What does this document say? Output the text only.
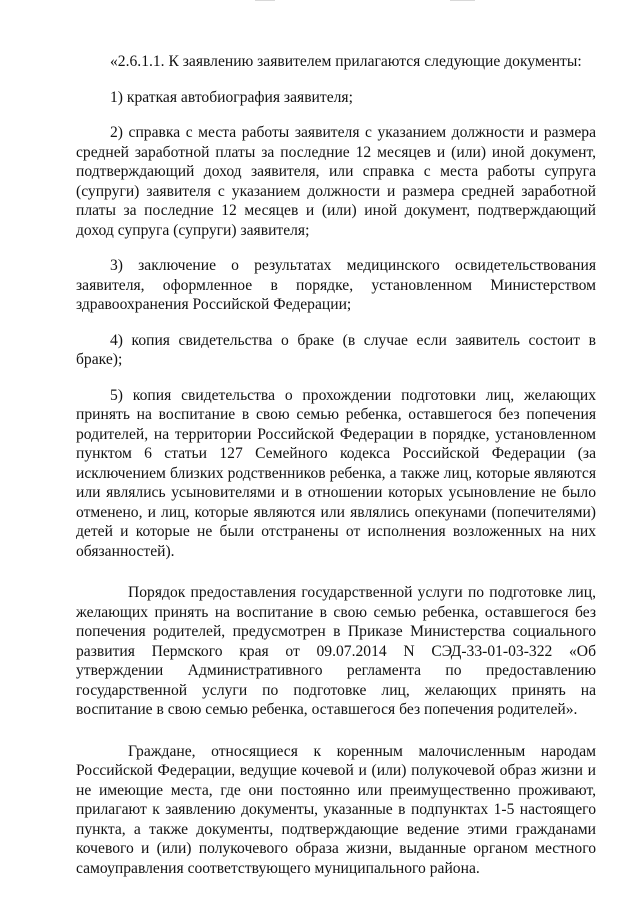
«2.6.1.1. К заявлению заявителем прилагаются следующие документы:

1) краткая автобиография заявителя;

2) справка с места работы заявителя с указанием должности и размера средней заработной платы за последние 12 месяцев и (или) иной документ, подтверждающий доход заявителя, или справка с места работы супруга (супруги) заявителя с указанием должности и размера средней заработной платы за последние 12 месяцев и (или) иной документ, подтверждающий доход супруга (супруги) заявителя;

3) заключение о результатах медицинского освидетельствования заявителя, оформленное в порядке, установленном Министерством здравоохранения Российской Федерации;

4) копия свидетельства о браке (в случае если заявитель состоит в браке);

5) копия свидетельства о прохождении подготовки лиц, желающих принять на воспитание в свою семью ребенка, оставшегося без попечения родителей, на территории Российской Федерации в порядке, установленном пунктом 6 статьи 127 Семейного кодекса Российской Федерации (за исключением близких родственников ребенка, а также лиц, которые являются или являлись усыновителями и в отношении которых усыновление не было отменено, и лиц, которые являются или являлись опекунами (попечителями) детей и которые не были отстранены от исполнения возложенных на них обязанностей).

Порядок предоставления государственной услуги по подготовке лиц, желающих принять на воспитание в свою семью ребенка, оставшегося без попечения родителей, предусмотрен в Приказе Министерства социального развития Пермского края от 09.07.2014 N СЭД-33-01-03-322 «Об утверждении Административного регламента по предоставлению государственной услуги по подготовке лиц, желающих принять на воспитание в свою семью ребенка, оставшегося без попечения родителей».

Граждане, относящиеся к коренным малочисленным народам Российской Федерации, ведущие кочевой и (или) полукочевой образ жизни и не имеющие места, где они постоянно или преимущественно проживают, прилагают к заявлению документы, указанные в подпунктах 1-5 настоящего пункта, а также документы, подтверждающие ведение этими гражданами кочевого и (или) полукочевого образа жизни, выданные органом местного самоуправления соответствующего муниципального района.
